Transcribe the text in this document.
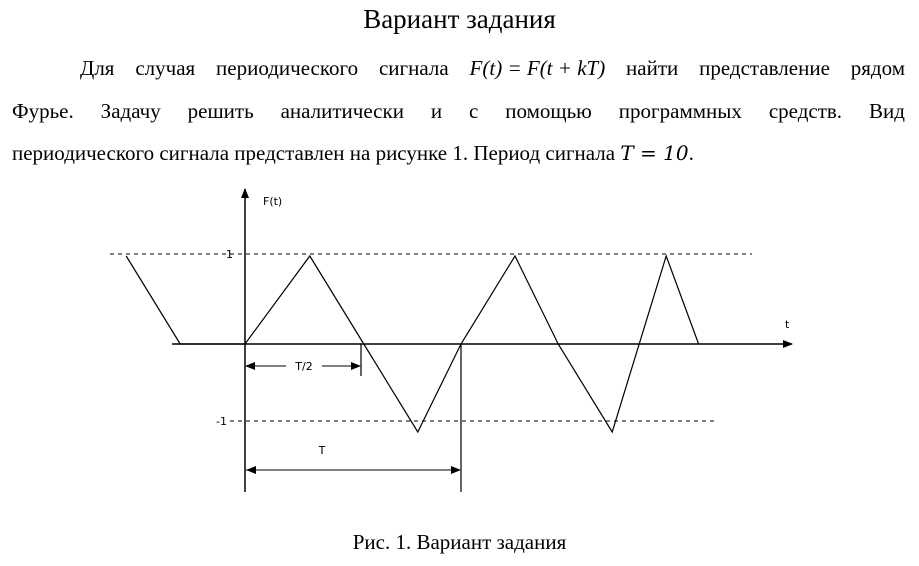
Вариант задания
Для случая периодического сигнала F(t) = F(t + kT) найти представление рядом
Фурье. Задачу решить аналитически и с помощью программных средств. Вид
периодического сигнала представлен на рисунке 1. Период сигнала T = 10.
T/2
T
F(t)
t
1
-1
Рис. 1. Вариант задания
